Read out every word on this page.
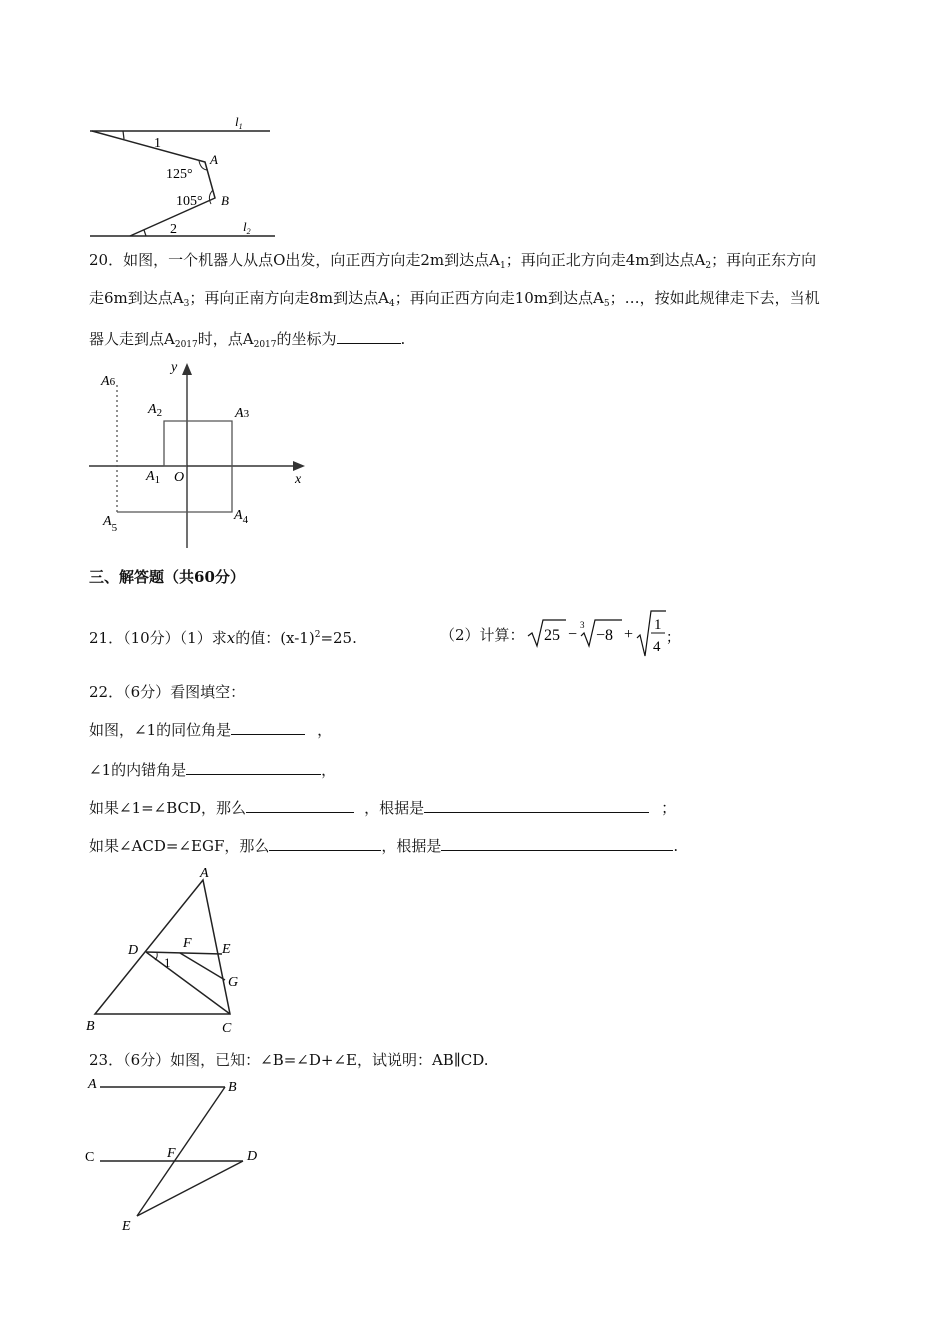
$l_1$
$l_2$
1
2
A
B
125°
105°
20．如图，一个机器人从点O出发，向正西方向走2m到达点$A_1$；再向正北方向走4m到达点$A_2$；再向正东方向
走6m到达点$A_3$；再向正南方向走8m到达点$A_4$；再向正西方向走10m到达点$A_5$；…，按如此规律走下去，当机
器人走到点$A_{2017}$时，点$A_{2017}$的坐标为	.
A6
$A_2$	A3
$A_1$ O	x
y
$A_5$
$A_4$
三、解答题（共60分）
21．（10分）（1）求x的值：$(x-1)^2=25$.	（2）计算： 25 −
3
−8 +
1
4
；
22．（6分）看图填空：
如图，∠1的同位角是	，
∠1的内错角是	，
如果∠1=∠BCD，那么	，根据是	；
如果∠ACD=∠EGF，那么	，根据是	.
A
B	C
D	E
F
G
1
23．（6分）如图，已知：∠B=∠D+∠E，试说明：AB∥CD.
A	B
C	D
E
F
